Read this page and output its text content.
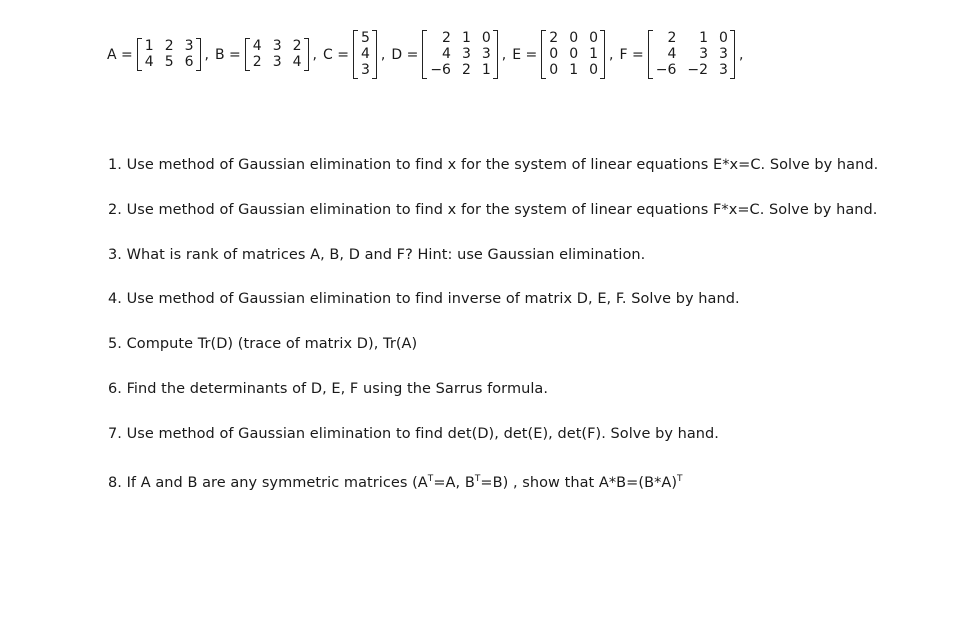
A =
1 2 3
4 5 6 , B =
4 3 2
2 3 4 , C =
5
4
3
, D =
2 1 0
4 3 3
−6 2 1
, E =
2 0 0
0 0 1
0 1 0
, F =
2	1 0
4	3 3
−6 −2 3
,
1. Use method of Gaussian elimination to find x for the system of linear equations E*x=C. Solve by hand.
2. Use method of Gaussian elimination to find x for the system of linear equations F*x=C. Solve by hand.
3. What is rank of matrices A, B, D and F? Hint: use Gaussian elimination.
4. Use method of Gaussian elimination to find inverse of matrix D, E, F. Solve by hand.
5. Compute Tr(D) (trace of matrix D), Tr(A)
6. Find the determinants of D, E, F using the Sarrus formula.
7. Use method of Gaussian elimination to find det(D), det(E), det(F). Solve by hand.
8. If A and B are any symmetric matrices ($A^T=A$, $B^T=B$) , show that $A*B=(B*A)^T$
